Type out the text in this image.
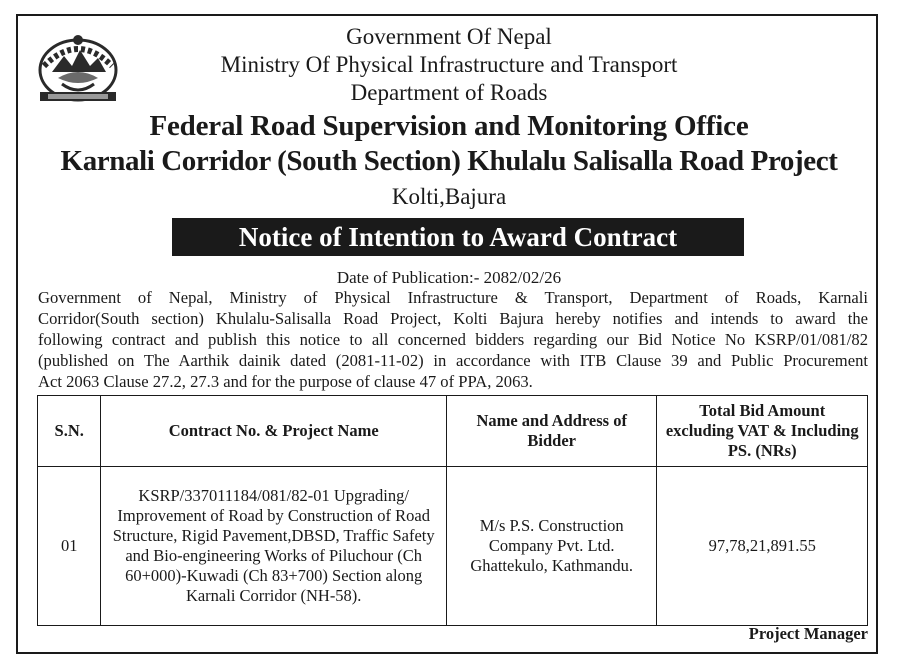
Government Of Nepal
Ministry Of Physical Infrastructure and Transport
Department of Roads
Federal Road Supervision and Monitoring Office
Karnali Corridor (South Section) Khulalu Salisalla Road Project
Kolti,Bajura
Notice of Intention to Award Contract
Date of Publication:- 2082/02/26
Government of Nepal, Ministry of Physical Infrastructure & Transport, Department of Roads, Karnali
Corridor(South section) Khulalu-Salisalla Road Project, Kolti Bajura hereby notifies and intends to award the
following contract and publish this notice to all concerned bidders regarding our Bid Notice No KSRP/01/081/82
(published on The Aarthik dainik dated (2081-11-02) in accordance with ITB Clause 39 and Public Procurement
Act 2063 Clause 27.2, 27.3 and for the purpose of clause 47 of PPA, 2063.
S.N.	Contract No. & Project Name	Name and Address of Bidder	Total Bid Amount excluding VAT & Including PS. (NRs)
01	KSRP/337011184/081/82-01 Upgrading/ Improvement of Road by Construction of Road Structure, Rigid Pavement,DBSD, Traffic Safety and Bio-engineering Works of Piluchour (Ch 60+000)-Kuwadi (Ch 83+700) Section along Karnali Corridor (NH-58).	M/s P.S. Construction Company Pvt. Ltd. Ghattekulo, Kathmandu.	97,78,21,891.55
Project Manager
